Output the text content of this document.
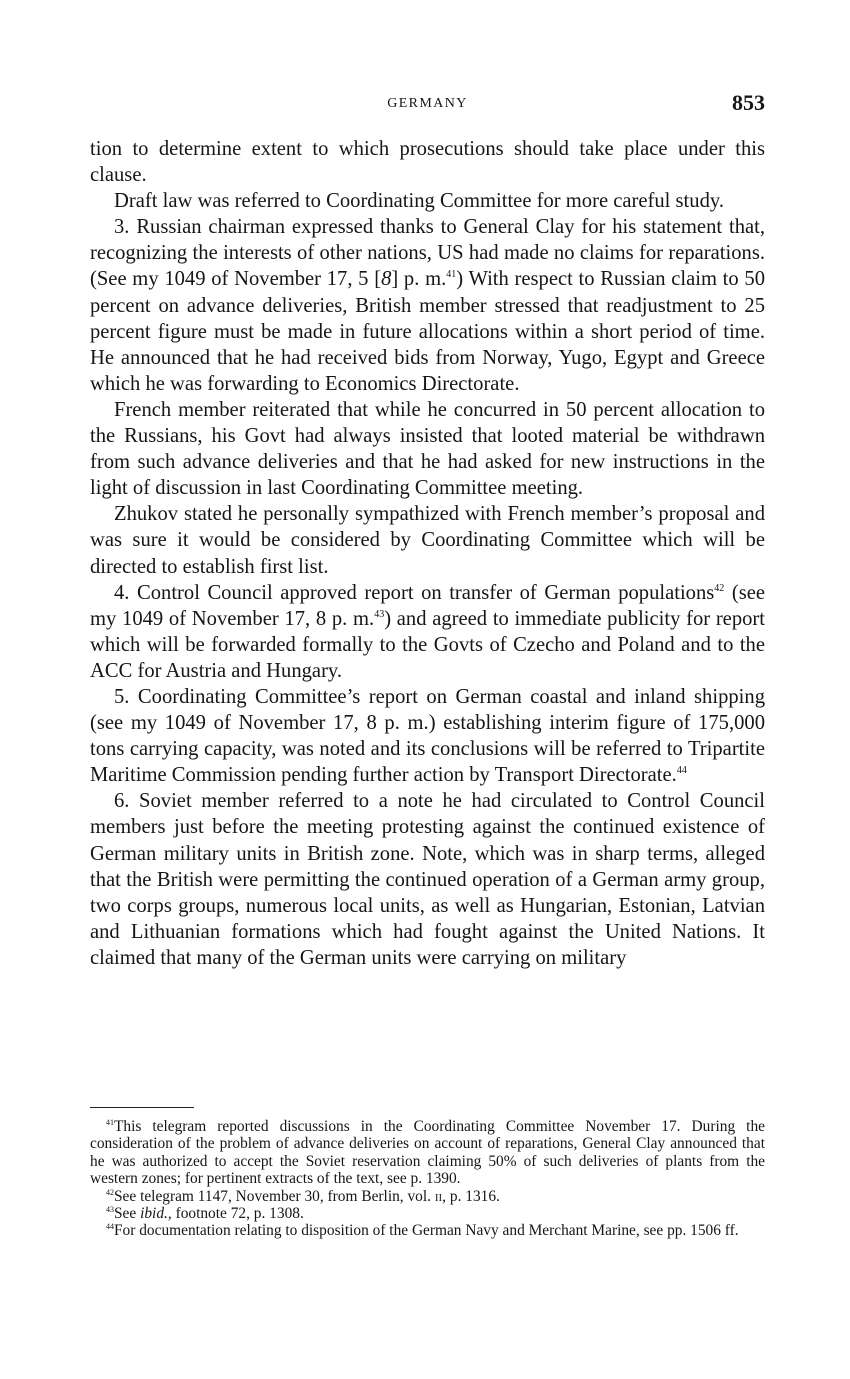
GERMANY	853

tion to determine extent to which prosecutions should take place under this clause.

Draft law was referred to Coordinating Committee for more careful study.

3. Russian chairman expressed thanks to General Clay for his statement that, recognizing the interests of other nations, US had made no claims for reparations. (See my 1049 of November 17, 5 [8] p. m.$^{41}$) With respect to Russian claim to 50 percent on advance deliveries, British member stressed that readjustment to 25 percent figure must be made in future allocations within a short period of time. He announced that he had received bids from Norway, Yugo, Egypt and Greece which he was forwarding to Economics Directorate.

French member reiterated that while he concurred in 50 percent allocation to the Russians, his Govt had always insisted that looted material be withdrawn from such advance deliveries and that he had asked for new instructions in the light of discussion in last Coordinating Committee meeting.

Zhukov stated he personally sympathized with French member’s proposal and was sure it would be considered by Coordinating Committee which will be directed to establish first list.

4. Control Council approved report on transfer of German populations$^{42}$ (see my 1049 of November 17, 8 p. m.$^{43}$) and agreed to immediate publicity for report which will be forwarded formally to the Govts of Czecho and Poland and to the ACC for Austria and Hungary.

5. Coordinating Committee’s report on German coastal and inland shipping (see my 1049 of November 17, 8 p. m.) establishing interim figure of 175,000 tons carrying capacity, was noted and its conclusions will be referred to Tripartite Maritime Commission pending further action by Transport Directorate.$^{44}$

6. Soviet member referred to a note he had circulated to Control Council members just before the meeting protesting against the continued existence of German military units in British zone. Note, which was in sharp terms, alleged that the British were permitting the continued operation of a German army group, two corps groups, numerous local units, as well as Hungarian, Estonian, Latvian and Lithuanian formations which had fought against the United Nations. It claimed that many of the German units were carrying on military

$^{41}$This telegram reported discussions in the Coordinating Committee November 17. During the consideration of the problem of advance deliveries on account of reparations, General Clay announced that he was authorized to accept the Soviet reservation claiming 50% of such deliveries of plants from the western zones; for pertinent extracts of the text, see p. 1390.

$^{42}$See telegram 1147, November 30, from Berlin, vol. ii, p. 1316.

$^{43}$See ibid., footnote 72, p. 1308.

$^{44}$For documentation relating to disposition of the German Navy and Merchant Marine, see pp. 1506 ff.
